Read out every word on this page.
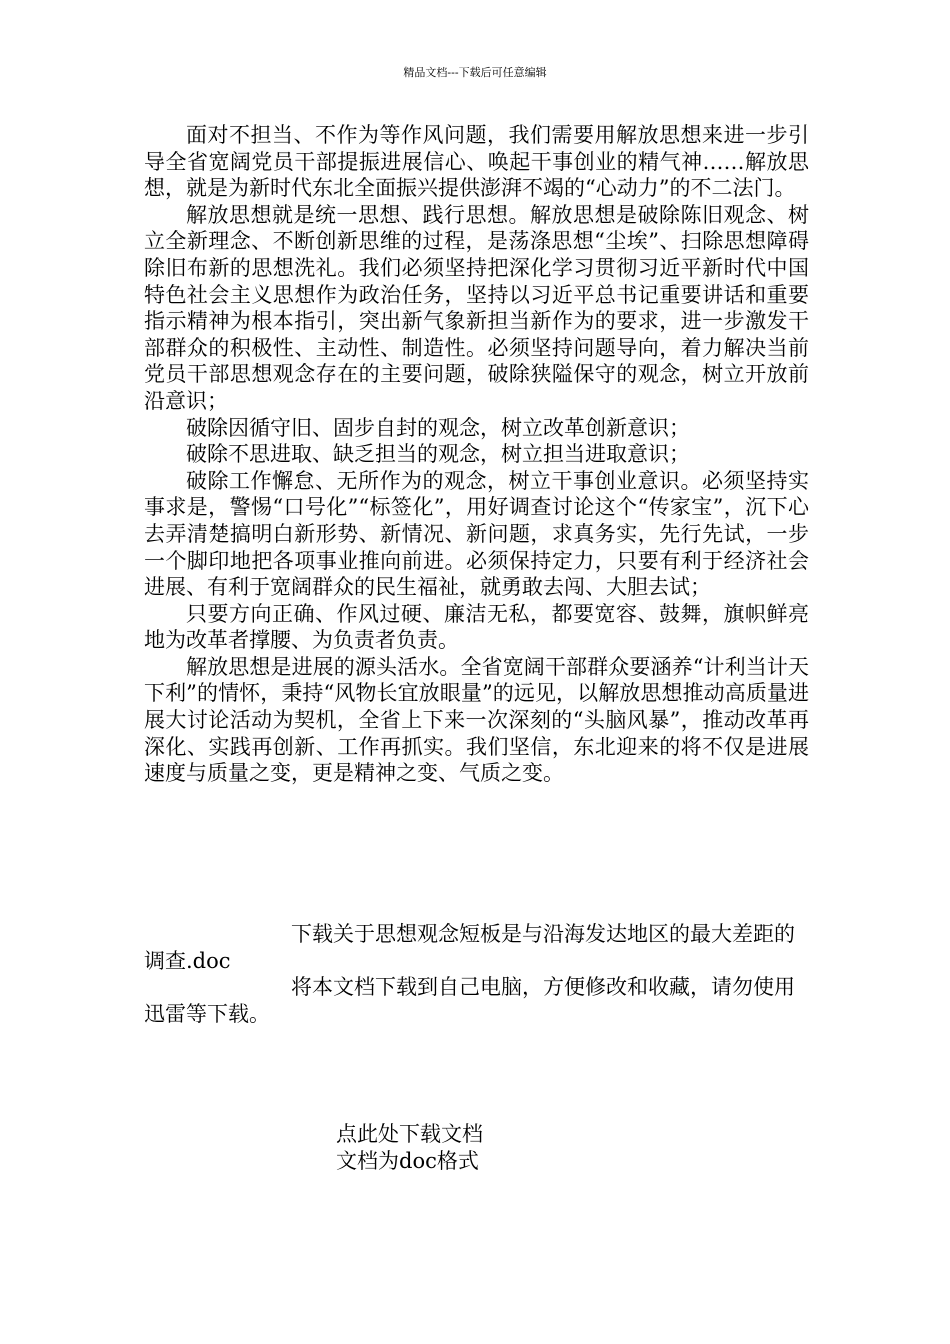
精品文档---下载后可任意编辑

面对不担当、不作为等作风问题，我们需要用解放思想来进一步引导全省宽阔党员干部提振进展信心、唤起干事创业的精气神……解放思想，就是为新时代东北全面振兴提供澎湃不竭的“心动力”的不二法门。

解放思想就是统一思想、践行思想。解放思想是破除陈旧观念、树立全新理念、不断创新思维的过程，是荡涤思想“尘埃”、扫除思想障碍除旧布新的思想洗礼。我们必须坚持把深化学习贯彻习近平新时代中国特色社会主义思想作为政治任务，坚持以习近平总书记重要讲话和重要指示精神为根本指引，突出新气象新担当新作为的要求，进一步激发干部群众的积极性、主动性、制造性。必须坚持问题导向，着力解决当前党员干部思想观念存在的主要问题，破除狭隘保守的观念，树立开放前沿意识；

破除因循守旧、固步自封的观念，树立改革创新意识；

破除不思进取、缺乏担当的观念，树立担当进取意识；

破除工作懈怠、无所作为的观念，树立干事创业意识。必须坚持实事求是，警惕“口号化”“标签化”，用好调查讨论这个“传家宝”，沉下心去弄清楚搞明白新形势、新情况、新问题，求真务实，先行先试，一步一个脚印地把各项事业推向前进。必须保持定力，只要有利于经济社会进展、有利于宽阔群众的民生福祉，就勇敢去闯、大胆去试；

只要方向正确、作风过硬、廉洁无私，都要宽容、鼓舞，旗帜鲜亮地为改革者撑腰、为负责者负责。

解放思想是进展的源头活水。全省宽阔干部群众要涵养“计利当计天下利”的情怀，秉持“风物长宜放眼量”的远见，以解放思想推动高质量进展大讨论活动为契机，全省上下来一次深刻的“头脑风暴”，推动改革再深化、实践再创新、工作再抓实。我们坚信，东北迎来的将不仅是进展速度与质量之变，更是精神之变、气质之变。

下载关于思想观念短板是与沿海发达地区的最大差距的调查.doc

将本文档下载到自己电脑，方便修改和收藏，请勿使用迅雷等下载。

点此处下载文档
文档为doc格式
